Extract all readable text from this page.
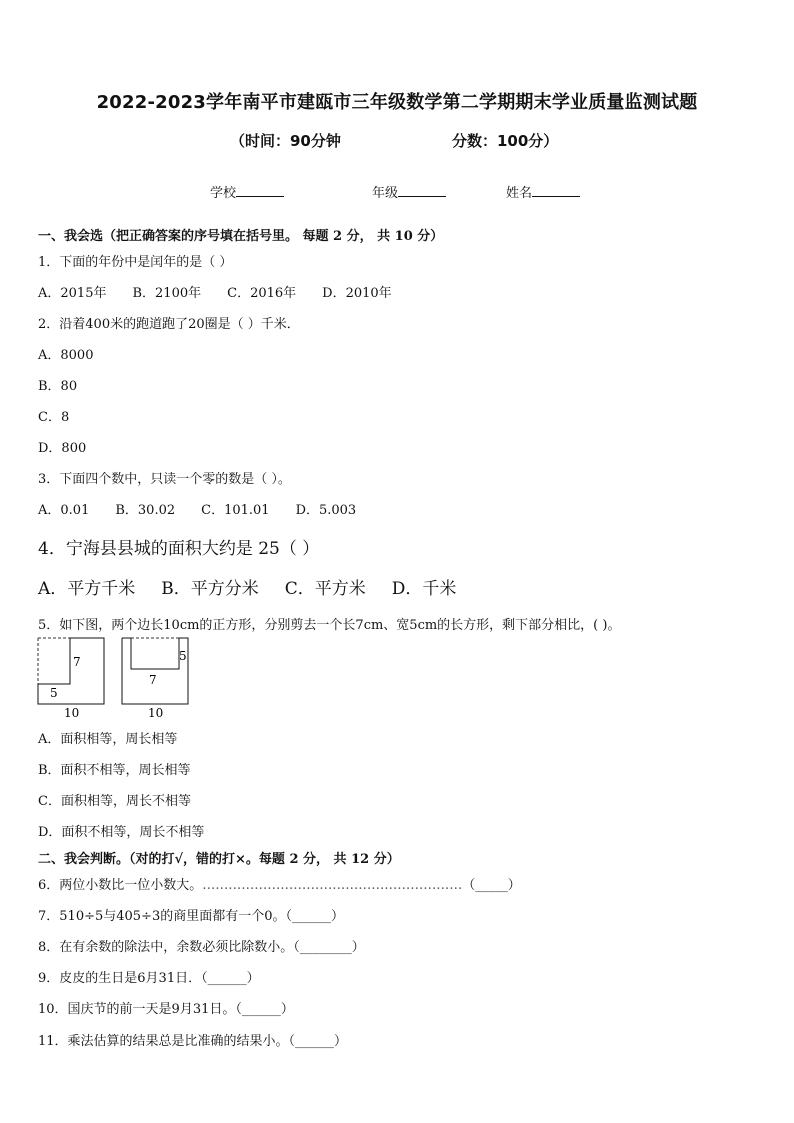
2022-2023学年南平市建瓯市三年级数学第二学期期末学业质量监测试题
（时间：90分钟	分数：100分）
学校	年级	姓名
一、我会选（把正确答案的序号填在括号里。 每题 2 分， 共 10 分）
1．下面的年份中是闰年的是（ ）
A．2015年 B．2100年 C．2016年 D．2010年
2．沿着400米的跑道跑了20圈是（ ）千米．
A．8000
B．80
C．8
D．800
3．下面四个数中，只读一个零的数是（ ）。
A．0.01 B．30.02 C．101.01 D．5.003
4．宁海县县城的面积大约是 25（ ）
A．平方千米 B．平方分米 C．平方米 D．千米
5．如下图，两个边长10cm的正方形，分别剪去一个长7cm、宽5cm的长方形，剩下部分相比，( )。
7
5
10
5
7
10
A．面积相等，周长相等
B．面积不相等，周长相等
C．面积相等，周长不相等
D．面积不相等，周长不相等
二、我会判断。（对的打√，错的打×。每题 2 分， 共 12 分）
6．两位小数比一位小数大。……………………………………………………（_____）
7．510÷5与405÷3的商里面都有一个0。（______）
8．在有余数的除法中，余数必须比除数小。（________）
9．皮皮的生日是6月31日．（______）
10．国庆节的前一天是9月31日。（______）
11．乘法估算的结果总是比准确的结果小。（______）
